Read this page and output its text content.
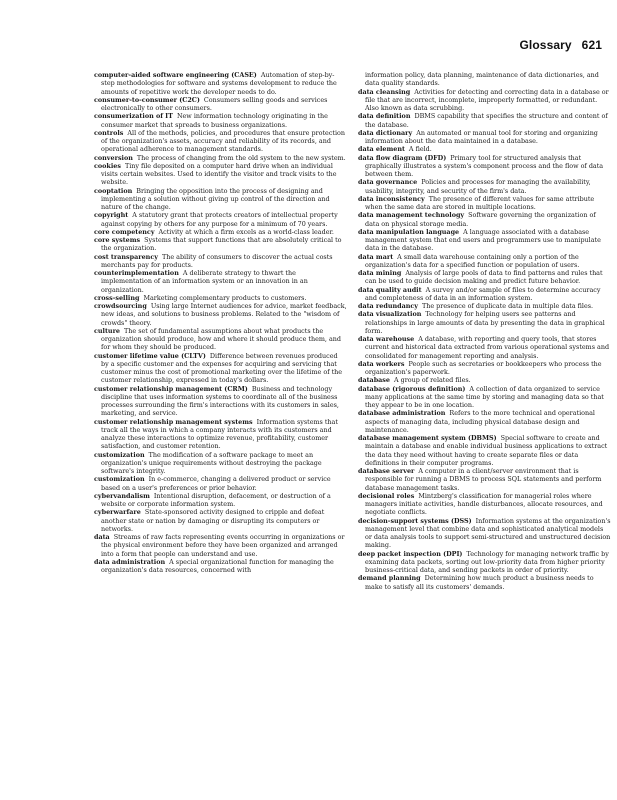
Glossary 621

computer-aided software engineering (CASE) Automation of step-by-step methodologies for software and systems development to reduce the amounts of repetitive work the developer needs to do.

consumer-to-consumer (C2C) Consumers selling goods and services electronically to other consumers.

consumerization of IT New information technology originating in the consumer market that spreads to business organizations.

controls All of the methods, policies, and procedures that ensure protection of the organization's assets, accuracy and reliability of its records, and operational adherence to management standards.

conversion The process of changing from the old system to the new system.

cookies Tiny file deposited on a computer hard drive when an individual visits certain websites. Used to identify the visitor and track visits to the website.

cooptation Bringing the opposition into the process of designing and implementing a solution without giving up control of the direction and nature of the change.

copyright A statutory grant that protects creators of intellectual property against copying by others for any purpose for a minimum of 70 years.

core competency Activity at which a firm excels as a world-class leader.

core systems Systems that support functions that are absolutely critical to the organization.

cost transparency The ability of consumers to discover the actual costs merchants pay for products.

counterimplementation A deliberate strategy to thwart the implementation of an information system or an innovation in an organization.

cross-selling Marketing complementary products to customers.

crowdsourcing Using large Internet audiences for advice, market feedback, new ideas, and solutions to business problems. Related to the "wisdom of crowds" theory.

culture The set of fundamental assumptions about what products the organization should produce, how and where it should produce them, and for whom they should be produced.

customer lifetime value (CLTV) Difference between revenues produced by a specific customer and the expenses for acquiring and servicing that customer minus the cost of promotional marketing over the lifetime of the customer relationship, expressed in today's dollars.

customer relationship management (CRM) Business and technology discipline that uses information systems to coordinate all of the business processes surrounding the firm's interactions with its customers in sales, marketing, and service.

customer relationship management systems Information systems that track all the ways in which a company interacts with its customers and analyze these interactions to optimize revenue, profitability, customer satisfaction, and customer retention.

customization The modification of a software package to meet an organization's unique requirements without destroying the package software's integrity.

customization In e-commerce, changing a delivered product or service based on a user's preferences or prior behavior.

cybervandalism Intentional disruption, defacement, or destruction of a website or corporate information system.

cyberwarfare State-sponsored activity designed to cripple and defeat another state or nation by damaging or disrupting its computers or networks.

data Streams of raw facts representing events occurring in organizations or the physical environment before they have been organized and arranged into a form that people can understand and use.

data administration A special organizational function for managing the organization's data resources, concerned with

information policy, data planning, maintenance of data dictionaries, and data quality standards.

data cleansing Activities for detecting and correcting data in a database or file that are incorrect, incomplete, improperly formatted, or redundant. Also known as data scrubbing.

data definition DBMS capability that specifies the structure and content of the database.

data dictionary An automated or manual tool for storing and organizing information about the data maintained in a database.

data element A field.

data flow diagram (DFD) Primary tool for structured analysis that graphically illustrates a system's component process and the flow of data between them.

data governance Policies and processes for managing the availability, usability, integrity, and security of the firm's data.

data inconsistency The presence of different values for same attribute when the same data are stored in multiple locations.

data management technology Software governing the organization of data on physical storage media.

data manipulation language A language associated with a database management system that end users and programmers use to manipulate data in the database.

data mart A small data warehouse containing only a portion of the organization's data for a specified function or population of users.

data mining Analysis of large pools of data to find patterns and rules that can be used to guide decision making and predict future behavior.

data quality audit A survey and/or sample of files to determine accuracy and completeness of data in an information system.

data redundancy The presence of duplicate data in multiple data files.

data visualization Technology for helping users see patterns and relationships in large amounts of data by presenting the data in graphical form.

data warehouse A database, with reporting and query tools, that stores current and historical data extracted from various operational systems and consolidated for management reporting and analysis.

data workers People such as secretaries or bookkeepers who process the organization's paperwork.

database A group of related files.

database (rigorous definition) A collection of data organized to service many applications at the same time by storing and managing data so that they appear to be in one location.

database administration Refers to the more technical and operational aspects of managing data, including physical database design and maintenance.

database management system (DBMS) Special software to create and maintain a database and enable individual business applications to extract the data they need without having to create separate files or data definitions in their computer programs.

database server A computer in a client/server environment that is responsible for running a DBMS to process SQL statements and perform database management tasks.

decisional roles Mintzberg's classification for managerial roles where managers initiate activities, handle disturbances, allocate resources, and negotiate conflicts.

decision-support systems (DSS) Information systems at the organization's management level that combine data and sophisticated analytical models or data analysis tools to support semi-structured and unstructured decision making.

deep packet inspection (DPI) Technology for managing network traffic by examining data packets, sorting out low-priority data from higher priority business-critical data, and sending packets in order of priority.

demand planning Determining how much product a business needs to make to satisfy all its customers' demands.
